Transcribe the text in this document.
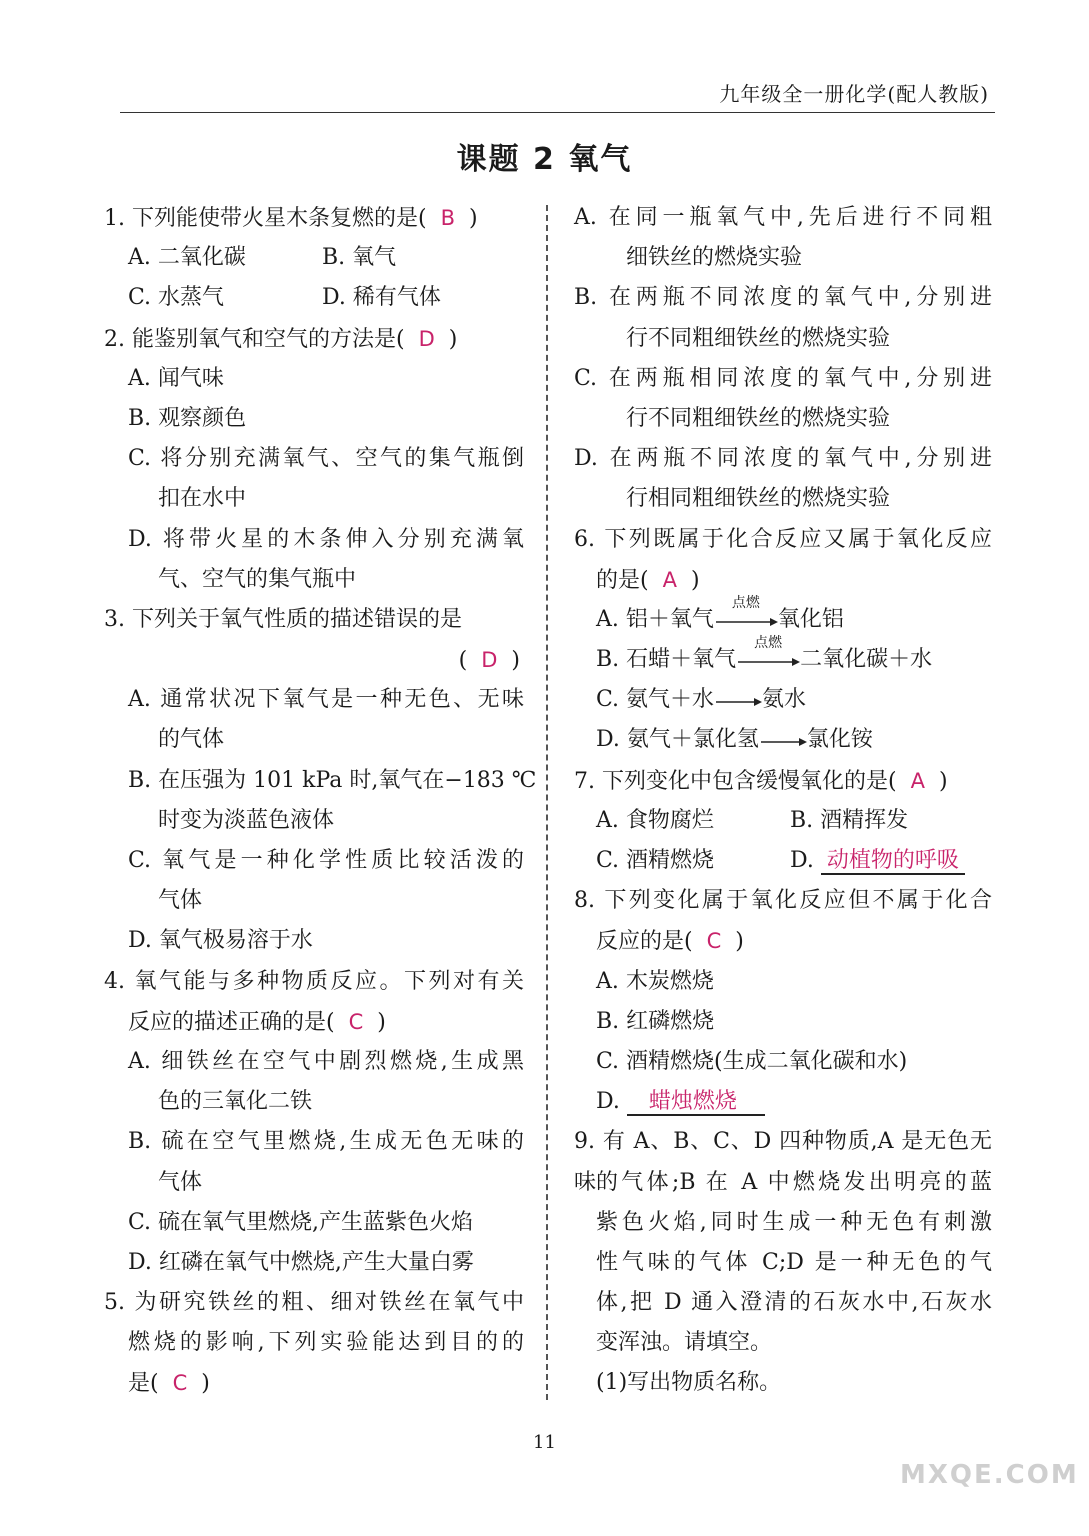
九年级全一册化学(配人教版)
课题 2 氧气
1. 下列能使带火星木条复燃的是( B )
A. 二氧化碳	B. 氧气
C. 水蒸气	D. 稀有气体
2. 能鉴别氧气和空气的方法是( D )
A. 闻气味
B. 观察颜色
C. 将分别充满氧气、空气的集气瓶倒
扣在水中
D. 将带火星的木条伸入分别充满氧
气、空气的集气瓶中
3. 下列关于氧气性质的描述错误的是
( D )
A. 通常状况下氧气是一种无色、无味
的气体
B. 在压强为 101 kPa 时,氧气在−183 ℃
时变为淡蓝色液体
C. 氧气是一种化学性质比较活泼的
气体
D. 氧气极易溶于水
4. 氧气能与多种物质反应。下列对有关
反应的描述正确的是( C )
A. 细铁丝在空气中剧烈燃烧,生成黑
色的三氧化二铁
B. 硫在空气里燃烧,生成无色无味的
气体
C. 硫在氧气里燃烧,产生蓝紫色火焰
D. 红磷在氧气中燃烧,产生大量白雾
5. 为研究铁丝的粗、细对铁丝在氧气中
燃烧的影响,下列实验能达到目的的
是( C )
A. 在同一瓶氧气中,先后进行不同粗
细铁丝的燃烧实验
B. 在两瓶不同浓度的氧气中,分别进
行不同粗细铁丝的燃烧实验
C. 在两瓶相同浓度的氧气中,分别进
行不同粗细铁丝的燃烧实验
D. 在两瓶不同浓度的氧气中,分别进
行相同粗细铁丝的燃烧实验
6. 下列既属于化合反应又属于氧化反应
的是( A )
A. 铝＋氧气
点燃
氧化铝
B. 石蜡＋氧气
点燃
二氧化碳＋水
C. 氨气＋水→氨水
D. 氨气＋氯化氢→氯化铵
7. 下列变化中包含缓慢氧化的是( A )
A. 食物腐烂	B. 酒精挥发
C. 酒精燃烧	D. 动植物的呼吸
8. 下列变化属于氧化反应但不属于化合
反应的是( C )
A. 木炭燃烧
B. 红磷燃烧
C. 酒精燃烧(生成二氧化碳和水)
D. 蜡烛燃烧
9. 有 A、B、C、D 四种物质,A 是无色无味 的气体;B 在 A 中燃烧发出明亮的蓝
紫色火焰,同时生成一种无色有刺激
性气味的气体 C;D 是一种无色的气
体,把 D 通入澄清的石灰水中,石灰水
变浑浊。请填空。
(1)写出物质名称。
11
MXQE.COM
